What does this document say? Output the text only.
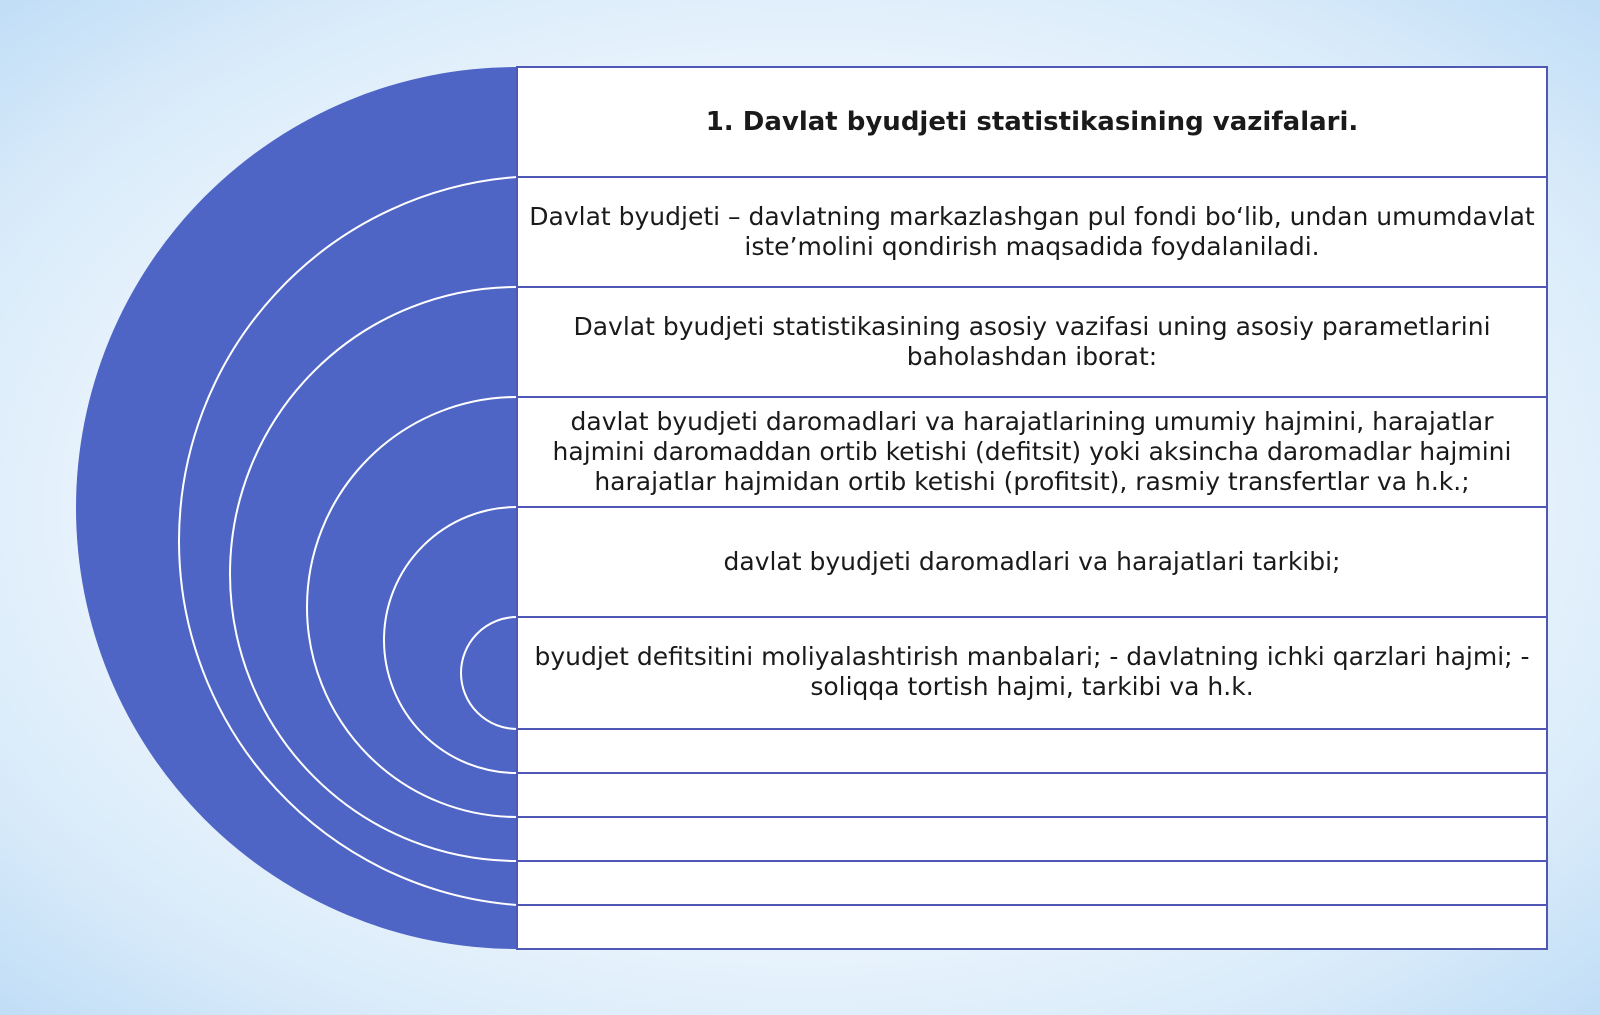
1. Davlat byudjeti statistikasining vazifalari.
Davlat byudjeti – davlatning markazlashgan pul fondi bo‘lib, undan umumdavlat iste’molini qondirish maqsadida foydalaniladi.
Davlat byudjeti statistikasining asosiy vazifasi uning asosiy parametlarini baholashdan iborat:
davlat byudjeti daromadlari va harajatlarining umumiy hajmini, harajatlar hajmini daromaddan ortib ketishi (defitsit) yoki aksincha daromadlar hajmini harajatlar hajmidan ortib ketishi (profitsit), rasmiy transfertlar va h.k.;
davlat byudjeti daromadlari va harajatlari tarkibi;
byudjet defitsitini moliyalashtirish manbalari; - davlatning ichki qarzlari hajmi; - soliqqa tortish hajmi, tarkibi va h.k.
